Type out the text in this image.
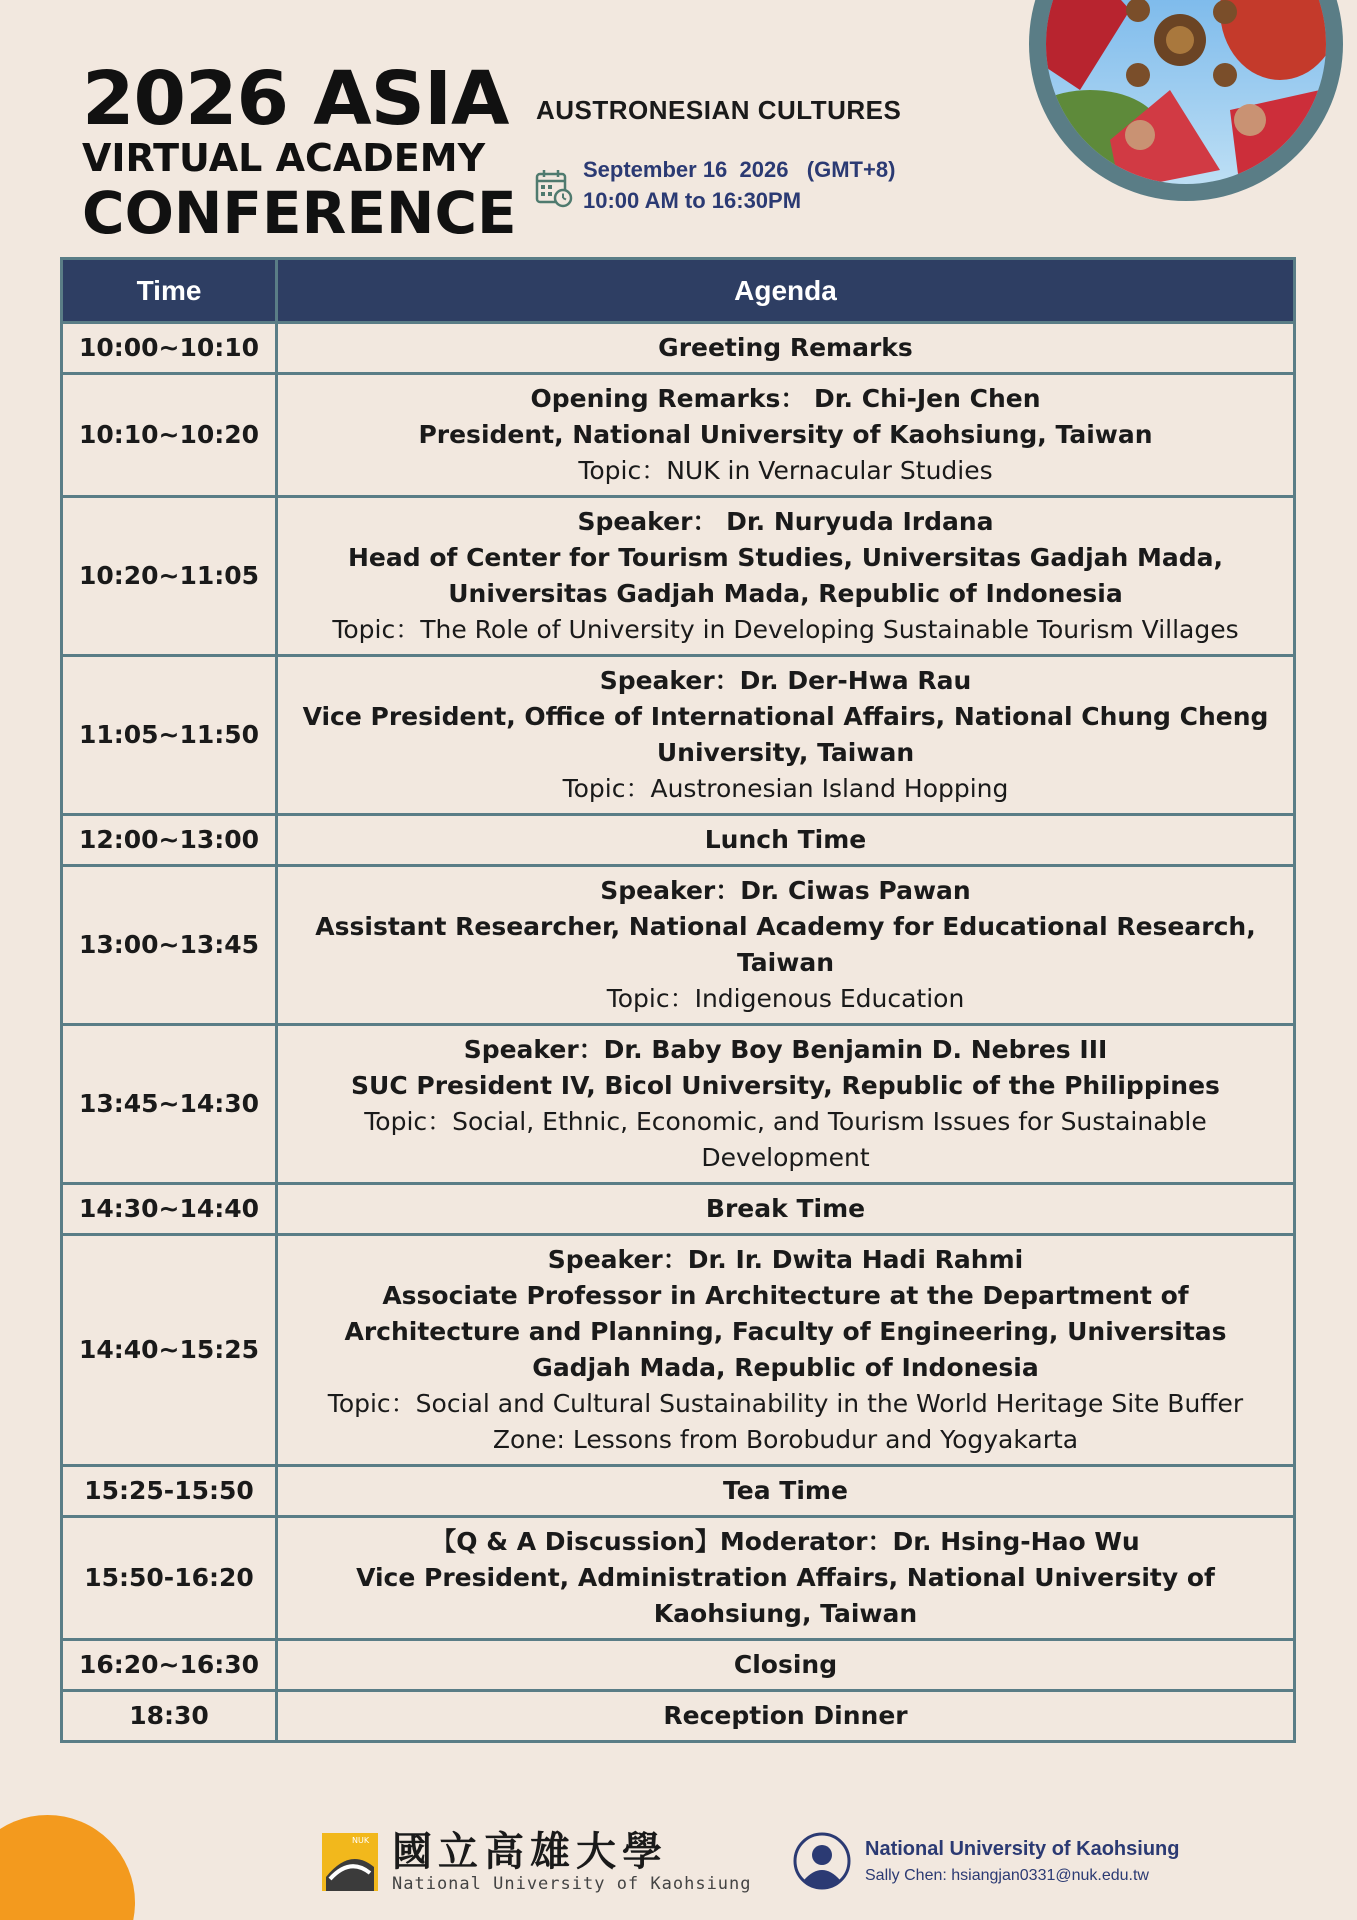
2026 ASIA
VIRTUAL ACADEMY
CONFERENCE
AUSTRONESIAN CULTURES
September 16  2026   (GMT+8)
10:00 AM to 16:30PM
Time	Agenda
10:00~10:10	Greeting Remarks

10:10~10:20	Opening Remarks： Dr. Chi-Jen Chen
President, National University of Kaohsiung, Taiwan
Topic：NUK in Vernacular Studies

10:20~11:05	Speaker： Dr. Nuryuda Irdana
Head of Center for Tourism Studies, Universitas Gadjah Mada, Universitas Gadjah Mada, Republic of Indonesia
Topic：The Role of University in Developing Sustainable Tourism Villages

11:05~11:50	Speaker：Dr. Der-Hwa Rau
Vice President, Office of International Affairs, National Chung Cheng University, Taiwan
Topic：Austronesian Island Hopping

12:00~13:00	Lunch Time

13:00~13:45	Speaker：Dr. Ciwas Pawan
Assistant Researcher, National Academy for Educational Research, Taiwan
Topic：Indigenous Education

13:45~14:30	Speaker：Dr. Baby Boy Benjamin D. Nebres III
SUC President IV, Bicol University, Republic of the Philippines
Topic：Social, Ethnic, Economic, and Tourism Issues for Sustainable Development

14:30~14:40	Break Time

14:40~15:25	Speaker：Dr. Ir. Dwita Hadi Rahmi
Associate Professor in Architecture at the Department of Architecture and Planning, Faculty of Engineering, Universitas Gadjah Mada, Republic of Indonesia
Topic：Social and Cultural Sustainability in the World Heritage Site Buffer Zone: Lessons from Borobudur and Yogyakarta

15:25-15:50	Tea Time

15:50-16:20	【Q & A Discussion】Moderator：Dr. Hsing-Hao Wu
Vice President, Administration Affairs, National University of Kaohsiung, Taiwan

16:20~16:30	Closing

18:30	Reception Dinner
NUK 國立高雄大學
National University of Kaohsiung
National University of Kaohsiung
Sally Chen: hsiangjan0331@nuk.edu.tw
